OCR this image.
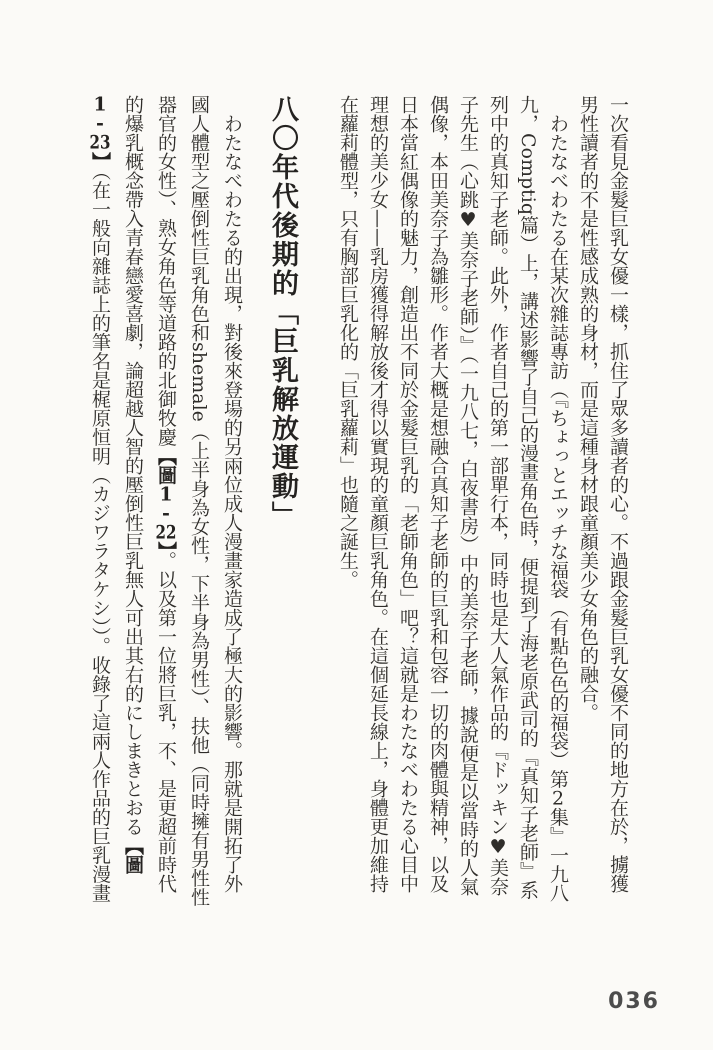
一次看見金髮巨乳女優一樣，抓住了眾多讀者的心。不過跟金髮巨乳女優不同的地方在於，擄獲男性讀者的不是性感成熟的身材，而是這種身材跟童顏美少女角色的融合。

わたなべわたる在某次雜誌專訪（『ちょっとエッチな福袋（有點色色的福袋）第2集』一九八九，Comptiq篇）上，講述影響了自己的漫畫角色時，便提到了海老原武司的『真知子老師』系列中的真知子老師。此外，作者自己的第一部單行本，同時也是大人氣作品的『ドッキン♥美奈子先生（心跳♥美奈子老師）』（一九八七，白夜書房）中的美奈子老師，據說便是以當時的人氣偶像，本田美奈子為雛形。作者大概是想融合真知子老師的巨乳和包容一切的肉體與精神，以及日本當紅偶像的魅力，創造出不同於金髮巨乳的「老師角色」吧？這就是わたなべわたる心目中理想的美少女——乳房獲得解放後才得以實現的童顏巨乳角色。在這個延長線上，身體更加維持在蘿莉體型，只有胸部巨乳化的「巨乳蘿莉」也隨之誕生。

八〇年代後期的「巨乳解放運動」

わたなべわたる的出現，對後來登場的另兩位成人漫畫家造成了極大的影響。那就是開拓了外國人體型之壓倒性巨乳角色和shemale（上半身為女性，下半身為男性）、扶他（同時擁有男性性器官的女性）、熟女角色等道路的北御牧慶【圖1-22】。以及第一位將巨乳，不、是更超前時代的爆乳概念帶入青春戀愛喜劇，論超越人智的壓倒性巨乳無人可出其右的にしまきとおる【圖1-23】（在一般向雜誌上的筆名是梶原恒明（カジワラタケシ））。收錄了這兩人作品的巨乳漫畫

036
